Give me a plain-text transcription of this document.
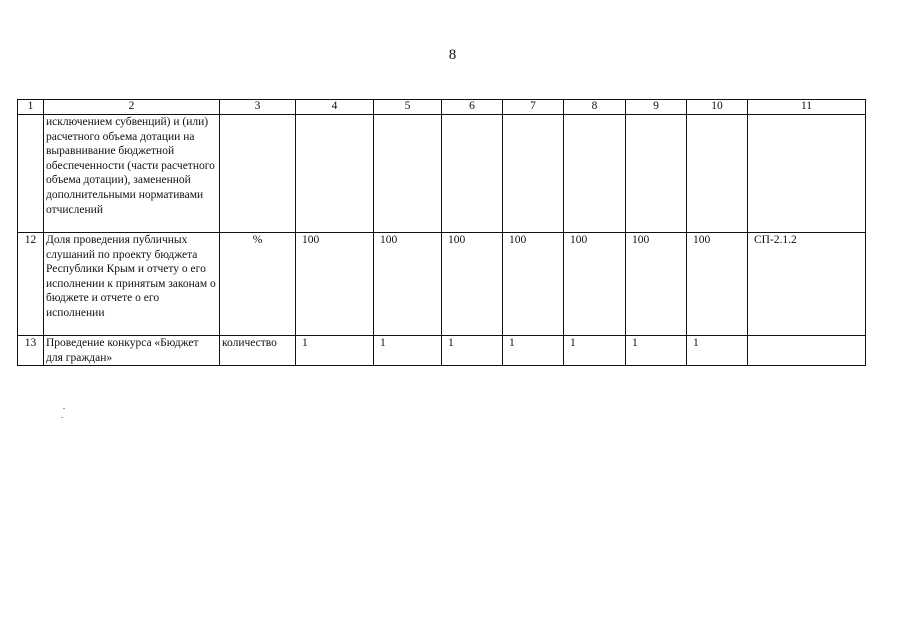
8
1	2	3	4	5	6	7	8	9	10	11
	исключением субвенций) и (или) расчетного объема дотации на выравнивание бюджетной обеспеченности (части расчетного объема дотации), замененной дополнительными нормативами отчислений									
12	Доля проведения публичных слушаний по проекту бюджета Республики Крым и отчету о его исполнении к принятым законам о бюджете и отчете о его исполнении	%	100	100	100	100	100	100	100	СП-2.1.2
13	Проведение конкурса «Бюджет для граждан»	количество	1	1	1	1	1	1	1	
